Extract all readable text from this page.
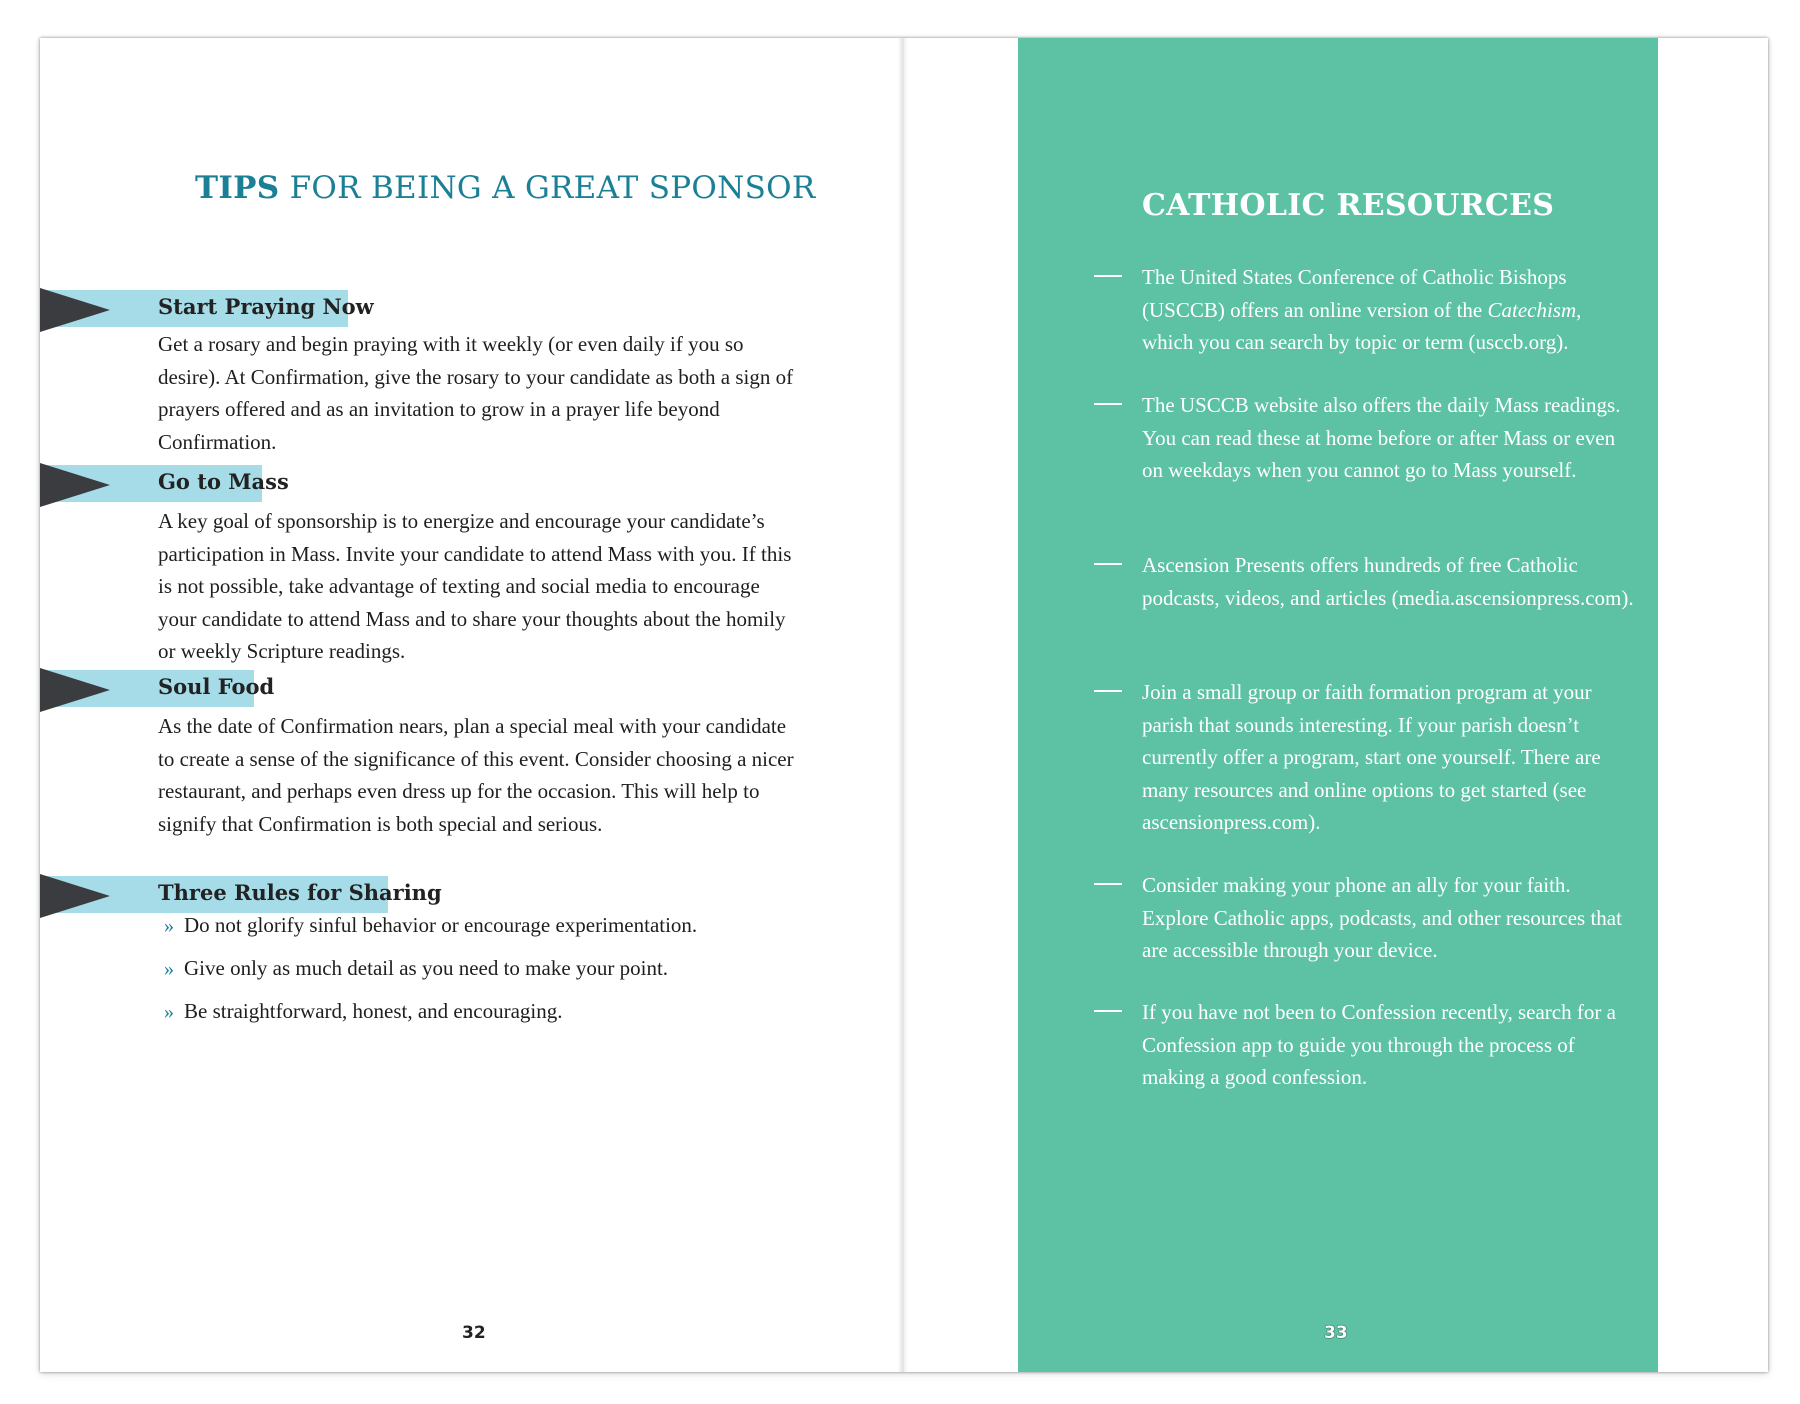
TIPS FOR BEING A GREAT SPONSOR
Start Praying Now

Get a rosary and begin praying with it weekly (or even daily if you so desire). At Confirmation, give the rosary to your candidate as both a sign of prayers offered and as an invitation to grow in a prayer life beyond Confirmation.

Go to Mass

A key goal of sponsorship is to energize and encourage your candidate’s participation in Mass. Invite your candidate to attend Mass with you. If this is not possible, take advantage of texting and social media to encourage your candidate to attend Mass and to share your thoughts about the homily or weekly Scripture readings.

Soul Food

As the date of Confirmation nears, plan a special meal with your candidate to create a sense of the significance of this event. Consider choosing a nicer restaurant, and perhaps even dress up for the occasion. This will help to signify that Confirmation is both special and serious.

Three Rules for Sharing
» Do not glorify sinful behavior or encourage experimentation.
» Give only as much detail as you need to make your point.
» Be straightforward, honest, and encouraging.
32
CATHOLIC RESOURCES

The United States Conference of Catholic Bishops (USCCB) offers an online version of the Catechism, which you can search by topic or term (usccb.org).

The USCCB website also offers the daily Mass readings. You can read these at home before or after Mass or even on weekdays when you cannot go to Mass yourself.

Ascension Presents offers hundreds of free Catholic podcasts, videos, and articles (media.ascensionpress.com).

Join a small group or faith formation program at your parish that sounds interesting. If your parish doesn’t currently offer a program, start one yourself. There are many resources and online options to get started (see ascensionpress.com).

Consider making your phone an ally for your faith. Explore Catholic apps, podcasts, and other resources that are accessible through your device.

If you have not been to Confession recently, search for a Confession app to guide you through the process of making a good confession.

33
